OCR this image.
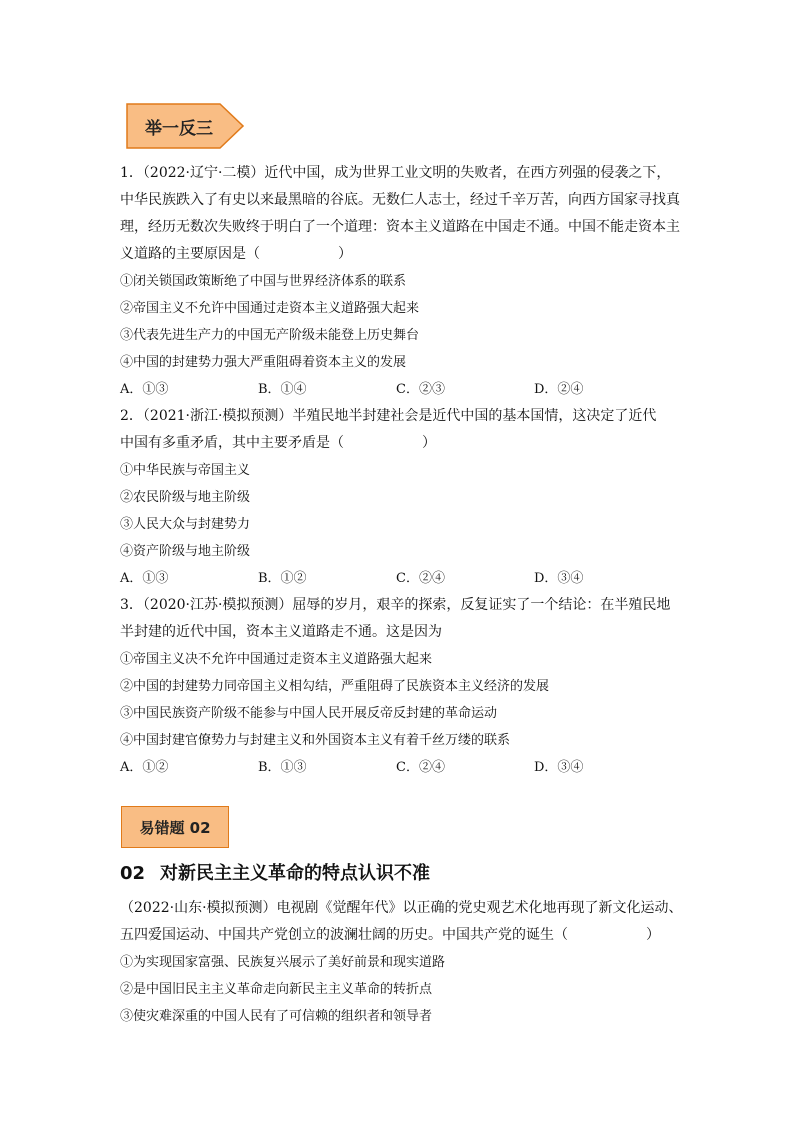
举一反三
1．（2022·辽宁·二模）近代中国，成为世界工业文明的失败者，在西方列强的侵袭之下，
中华民族跌入了有史以来最黑暗的谷底。无数仁人志士，经过千辛万苦，向西方国家寻找真
理，经历无数次失败终于明白了一个道理：资本主义道路在中国走不通。中国不能走资本主
义道路的主要原因是（	）
①闭关锁国政策断绝了中国与世界经济体系的联系
②帝国主义不允许中国通过走资本主义道路强大起来
③代表先进生产力的中国无产阶级未能登上历史舞台
④中国的封建势力强大严重阻碍着资本主义的发展
A．①③	B．①④	C．②③	D．②④
2．（2021·浙江·模拟预测）半殖民地半封建社会是近代中国的基本国情，这决定了近代
中国有多重矛盾，其中主要矛盾是（	）
①中华民族与帝国主义
②农民阶级与地主阶级
③人民大众与封建势力
④资产阶级与地主阶级
A．①③	B．①②	C．②④	D．③④
3．（2020·江苏·模拟预测）屈辱的岁月，艰辛的探索，反复证实了一个结论：在半殖民地
半封建的近代中国，资本主义道路走不通。这是因为
①帝国主义决不允许中国通过走资本主义道路强大起来
②中国的封建势力同帝国主义相勾结，严重阻碍了民族资本主义经济的发展
③中国民族资产阶级不能参与中国人民开展反帝反封建的革命运动
④中国封建官僚势力与封建主义和外国资本主义有着千丝万缕的联系
A．①②	B．①③	C．②④	D．③④
易错题 02
02 对新民主主义革命的特点认识不准
（2022·山东·模拟预测）电视剧《觉醒年代》以正确的党史观艺术化地再现了新文化运动、
五四爱国运动、中国共产党创立的波澜壮阔的历史。中国共产党的诞生（	）
①为实现国家富强、民族复兴展示了美好前景和现实道路
②是中国旧民主主义革命走向新民主主义革命的转折点
③使灾难深重的中国人民有了可信赖的组织者和领导者
